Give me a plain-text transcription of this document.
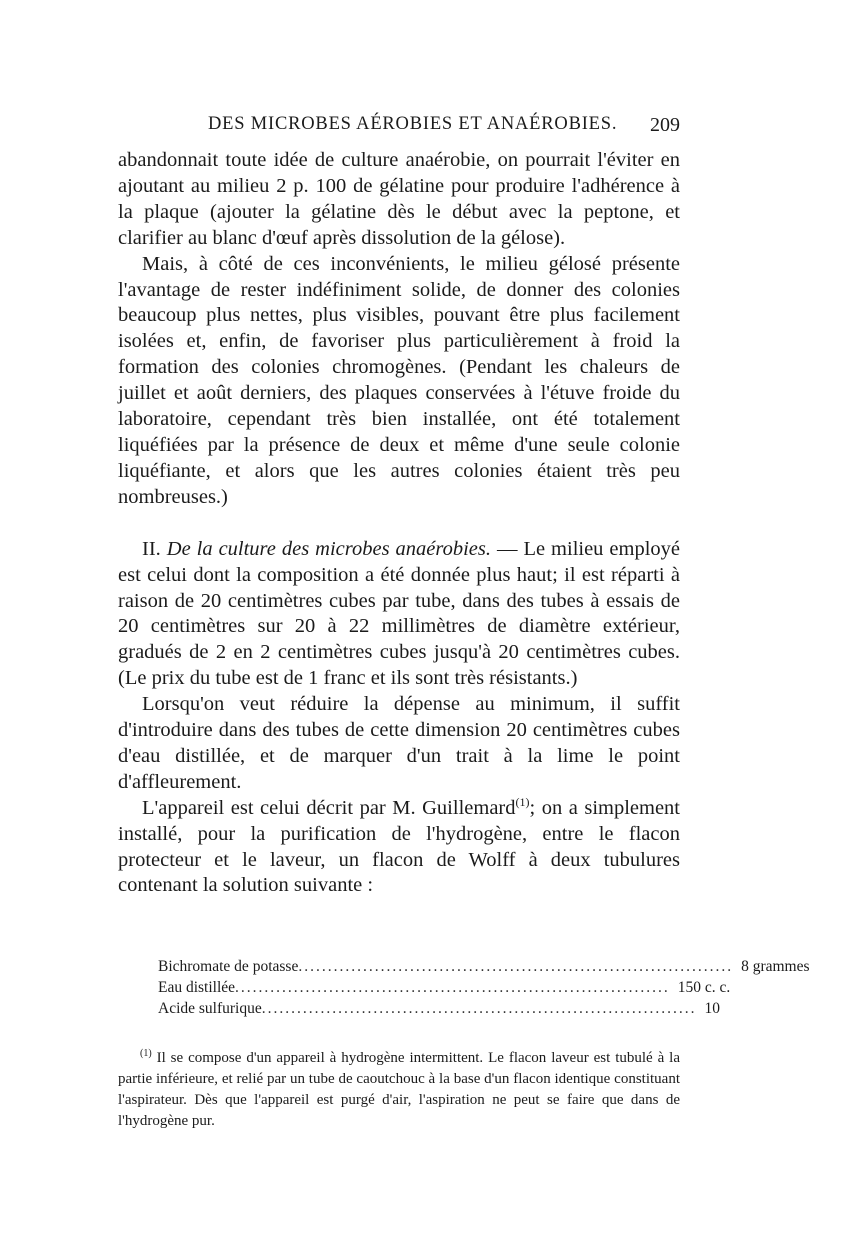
DES MICROBES AÉROBIES ET ANAÉROBIES. 209

abandonnait toute idée de culture anaérobie, on pourrait l'éviter en ajoutant au milieu 2 p. 100 de gélatine pour produire l'adhérence à la plaque (ajouter la gélatine dès le début avec la peptone, et clarifier au blanc d'œuf après dissolution de la gélose).

Mais, à côté de ces inconvénients, le milieu gélosé présente l'avantage de rester indéfiniment solide, de donner des colonies beaucoup plus nettes, plus visibles, pouvant être plus facilement isolées et, enfin, de favoriser plus particulièrement à froid la formation des colonies chromogènes. (Pendant les chaleurs de juillet et août derniers, des plaques conservées à l'étuve froide du laboratoire, cependant très bien installée, ont été totalement liquéfiées par la présence de deux et même d'une seule colonie liquéfiante, et alors que les autres colonies étaient très peu nombreuses.)

II. De la culture des microbes anaérobies. — Le milieu employé est celui dont la composition a été donnée plus haut; il est réparti à raison de 20 centimètres cubes par tube, dans des tubes à essais de 20 centimètres sur 20 à 22 millimètres de diamètre extérieur, gradués de 2 en 2 centimètres cubes jusqu'à 20 centimètres cubes. (Le prix du tube est de 1 franc et ils sont très résistants.)

Lorsqu'on veut réduire la dépense au minimum, il suffit d'introduire dans des tubes de cette dimension 20 centimètres cubes d'eau distillée, et de marquer d'un trait à la lime le point d'affleurement.

L'appareil est celui décrit par M. Guillemard$^{(1)}$; on a simplement installé, pour la purification de l'hydrogène, entre le flacon protecteur et le laveur, un flacon de Wolff à deux tubulures contenant la solution suivante :

Bichromate de potasse .......................................................................... 8 grammes
Eau distillée .......................................................................... 150 c. c.
Acide sulfurique .......................................................................... 10

$^{(1)}$ Il se compose d'un appareil à hydrogène intermittent. Le flacon laveur est tubulé à la partie inférieure, et relié par un tube de caoutchouc à la base d'un flacon identique constituant l'aspirateur. Dès que l'appareil est purgé d'air, l'aspiration ne peut se faire que dans de l'hydrogène pur.
